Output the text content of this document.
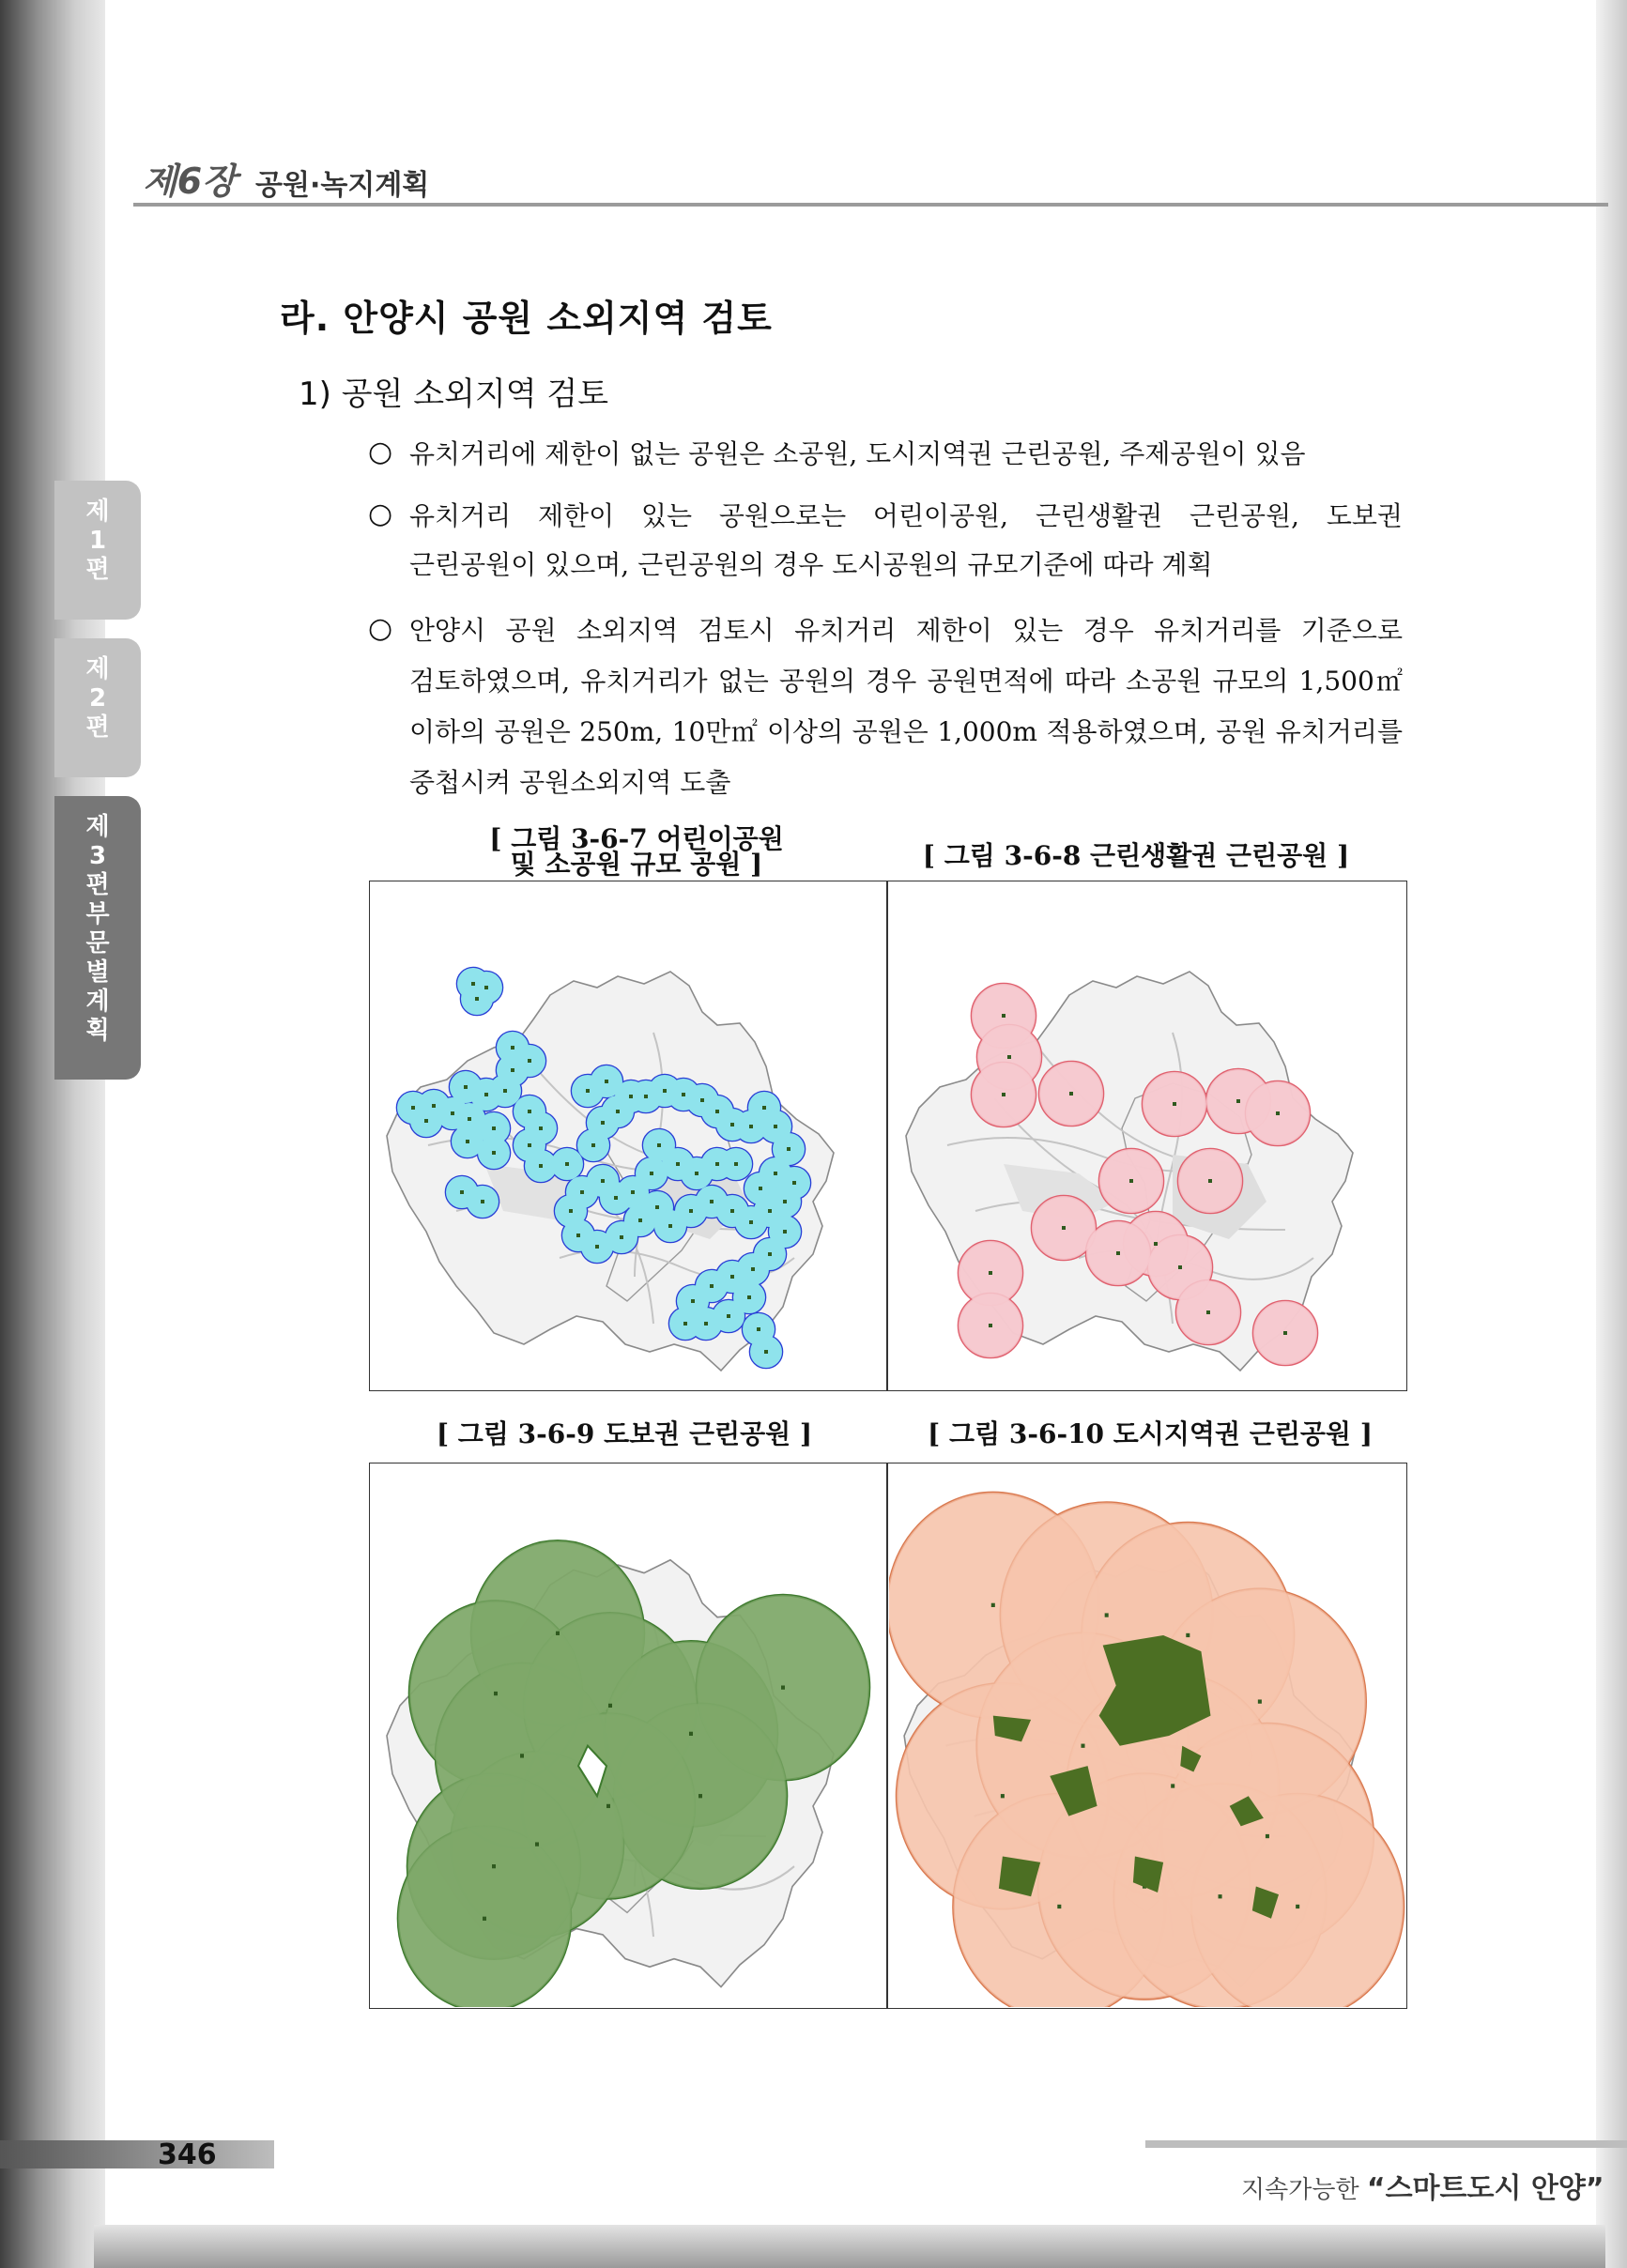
제6장 공원·녹지계획
제
1
편
제
2
편
제
3
편
부
문
별
계
획
라. 안양시 공원 소외지역 검토
1) 공원 소외지역 검토
○ 유치거리에 제한이 없는 공원은 소공원, 도시지역권 근린공원, 주제공원이 있음
○ 유치거리 제한이 있는 공원으로는 어린이공원, 근린생활권 근린공원, 도보권
근린공원이 있으며, 근린공원의 경우 도시공원의 규모기준에 따라 계획
○ 안양시 공원 소외지역 검토시 유치거리 제한이 있는 경우 유치거리를 기준으로
검토하였으며, 유치거리가 없는 공원의 경우 공원면적에 따라 소공원 규모의 1,500㎡
이하의 공원은 250m, 10만㎡ 이상의 공원은 1,000m 적용하였으며, 공원 유치거리를
중첩시켜 공원소외지역 도출
[ 그림 3-6-7 어린이공원
및 소공원 규모 공원 ]	[ 그림 3-6-8 근린생활권 근린공원 ]
[ 그림 3-6-9 도보권 근린공원 ]	[ 그림 3-6-10 도시지역권 근린공원 ]
346
지속가능한 “스마트도시 안양”
